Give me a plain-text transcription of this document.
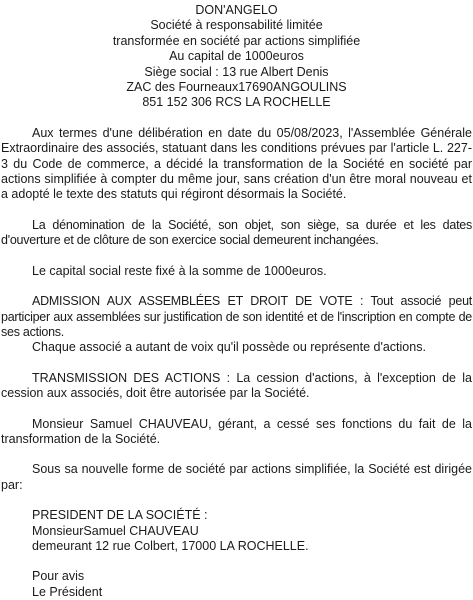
DON'ANGELO
Société à responsabilité limitée
transformée en société par actions simplifiée
Au capital de 1000euros
Siège social : 13 rue Albert Denis
ZAC des Fourneaux17690ANGOULINS
851 152 306 RCS LA ROCHELLE

Aux termes d'une délibération en date du 05/08/2023, l'Assemblée Générale Extraordinaire des associés, statuant dans les conditions prévues par l'article L. 227-3 du Code de commerce, a décidé la transformation de la Société en société par actions simplifiée à compter du même jour, sans création d'un être moral nouveau et a adopté le texte des statuts qui régiront désormais la Société.

La dénomination de la Société, son objet, son siège, sa durée et les dates d'ouverture et de clôture de son exercice social demeurent inchangées.

Le capital social reste fixé à la somme de 1000euros.

ADMISSION AUX ASSEMBLÉES ET DROIT DE VOTE : Tout associé peut participer aux assemblées sur justification de son identité et de l'inscription en compte de ses actions.

Chaque associé a autant de voix qu'il possède ou représente d'actions.

TRANSMISSION DES ACTIONS : La cession d'actions, à l'exception de la cession aux associés, doit être autorisée par la Société.

Monsieur Samuel CHAUVEAU, gérant, a cessé ses fonctions du fait de la transformation de la Société.

Sous sa nouvelle forme de société par actions simplifiée, la Société est dirigée par:

PRESIDENT DE LA SOCIÉTÉ :
MonsieurSamuel CHAUVEAU
demeurant 12 rue Colbert, 17000 LA ROCHELLE.
Pour avis
Le Président
